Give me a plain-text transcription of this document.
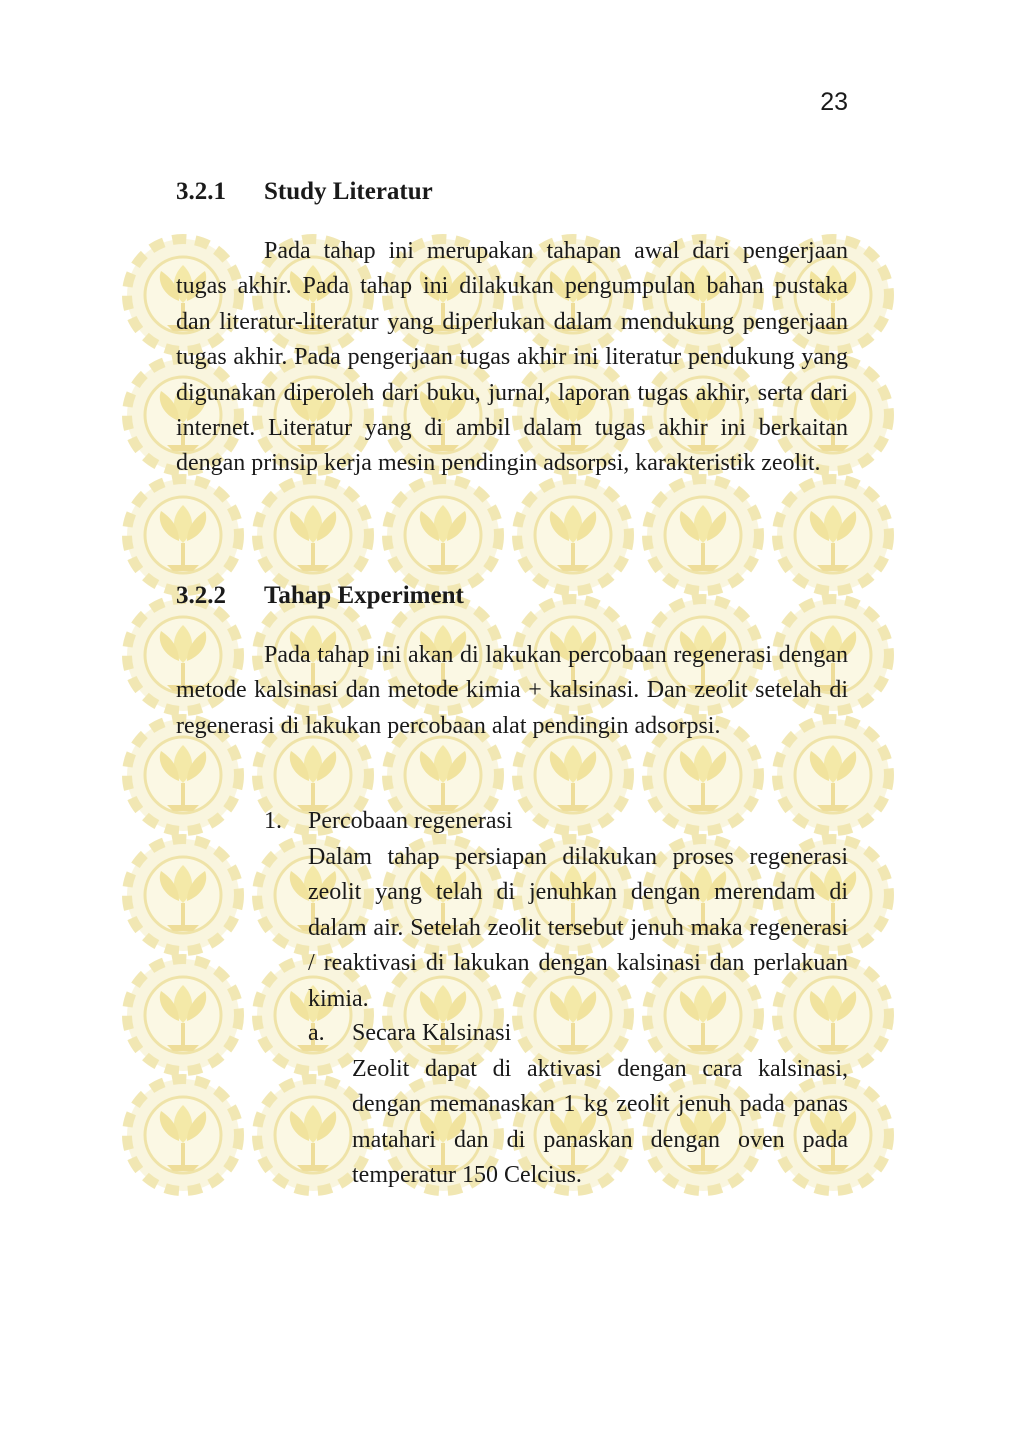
23
3.2.1 Study Literatur

Pada tahap ini merupakan tahapan awal dari pengerjaan tugas akhir. Pada tahap ini dilakukan pengumpulan bahan pustaka dan literatur-literatur yang diperlukan dalam mendukung pengerjaan tugas akhir. Pada pengerjaan tugas akhir ini literatur pendukung yang digunakan diperoleh dari buku, jurnal, laporan tugas akhir, serta dari internet. Literatur yang di ambil dalam tugas akhir ini berkaitan dengan prinsip kerja mesin pendingin adsorpsi, karakteristik zeolit.

3.2.2 Tahap Experiment

Pada tahap ini akan di lakukan percobaan regenerasi dengan metode kalsinasi dan metode kimia + kalsinasi. Dan zeolit setelah di regenerasi di lakukan percobaan alat pendingin adsorpsi.

1. Percobaan regenerasi

Dalam tahap persiapan dilakukan proses regenerasi zeolit yang telah di jenuhkan dengan merendam di dalam air. Setelah zeolit tersebut jenuh maka regenerasi / reaktivasi di lakukan dengan kalsinasi dan perlakuan kimia.

a. Secara Kalsinasi

Zeolit dapat di aktivasi dengan cara kalsinasi, dengan memanaskan 1 kg zeolit jenuh pada panas matahari dan di panaskan dengan oven pada temperatur 150 Celcius.
